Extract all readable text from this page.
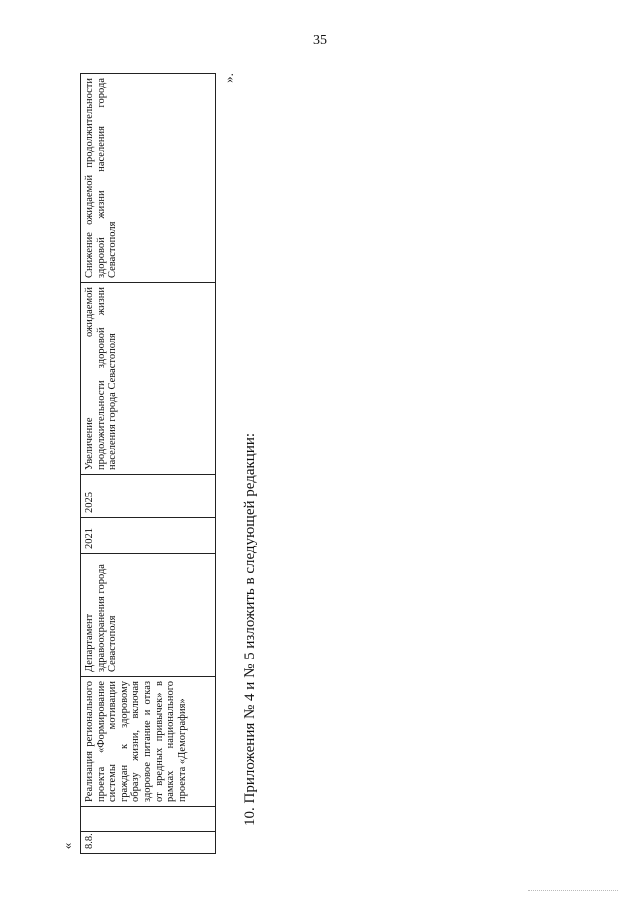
35
« 8.8.		Реализация регионального проекта «Формирование системы мотивации граждан к здоровому образу жизни, включая здоровое питание и отказ от вредных привычек» в рамках национального проекта «Демография»	Департамент здравоохранения города Севастополя	2021	2025	Увеличение ожидаемой продолжительности здоровой жизни населения города Севастополя	Снижение ожидаемой продолжительности здоровой жизни населения города Севастополя
».
10. Приложения № 4 и № 5 изложить в следующей редакции:
